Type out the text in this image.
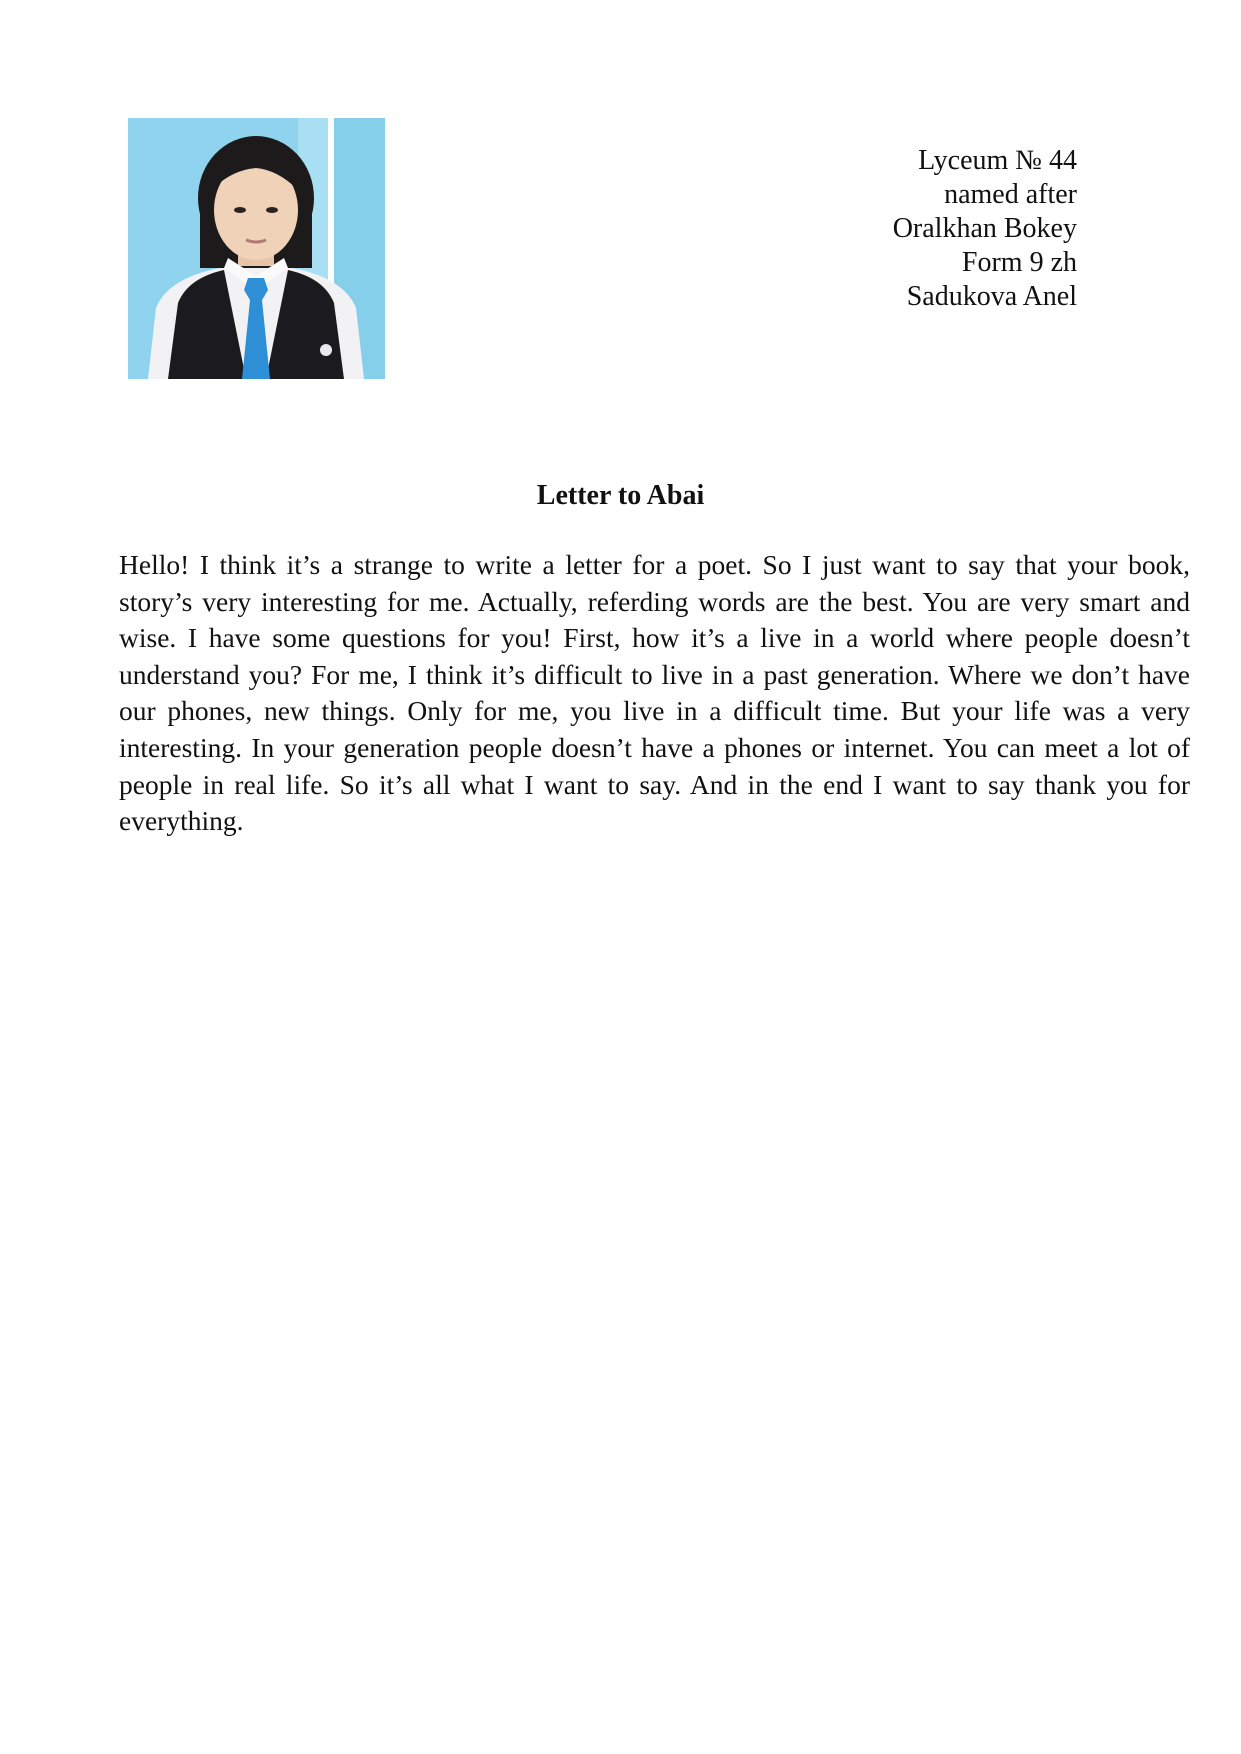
Lyceum № 44
named after
Oralkhan Bokey
Form 9 zh
Sadukova Anel
Letter to Abai
Hello! I think it’s a strange to write a letter for a poet. So I just want to say that your book, story’s very interesting for me. Actually, referding words are the best. You are very smart and wise. I have some questions for you! First, how it’s a live in a world where people doesn’t understand you? For me, I think it’s difficult to live in a past generation. Where we don’t have our phones, new things. Only for me, you live in a difficult time. But your life was a very interesting. In your generation people doesn’t have a phones or internet. You can meet a lot of people in real life. So it’s all what I want to say. And in the end I want to say thank you for everything.
